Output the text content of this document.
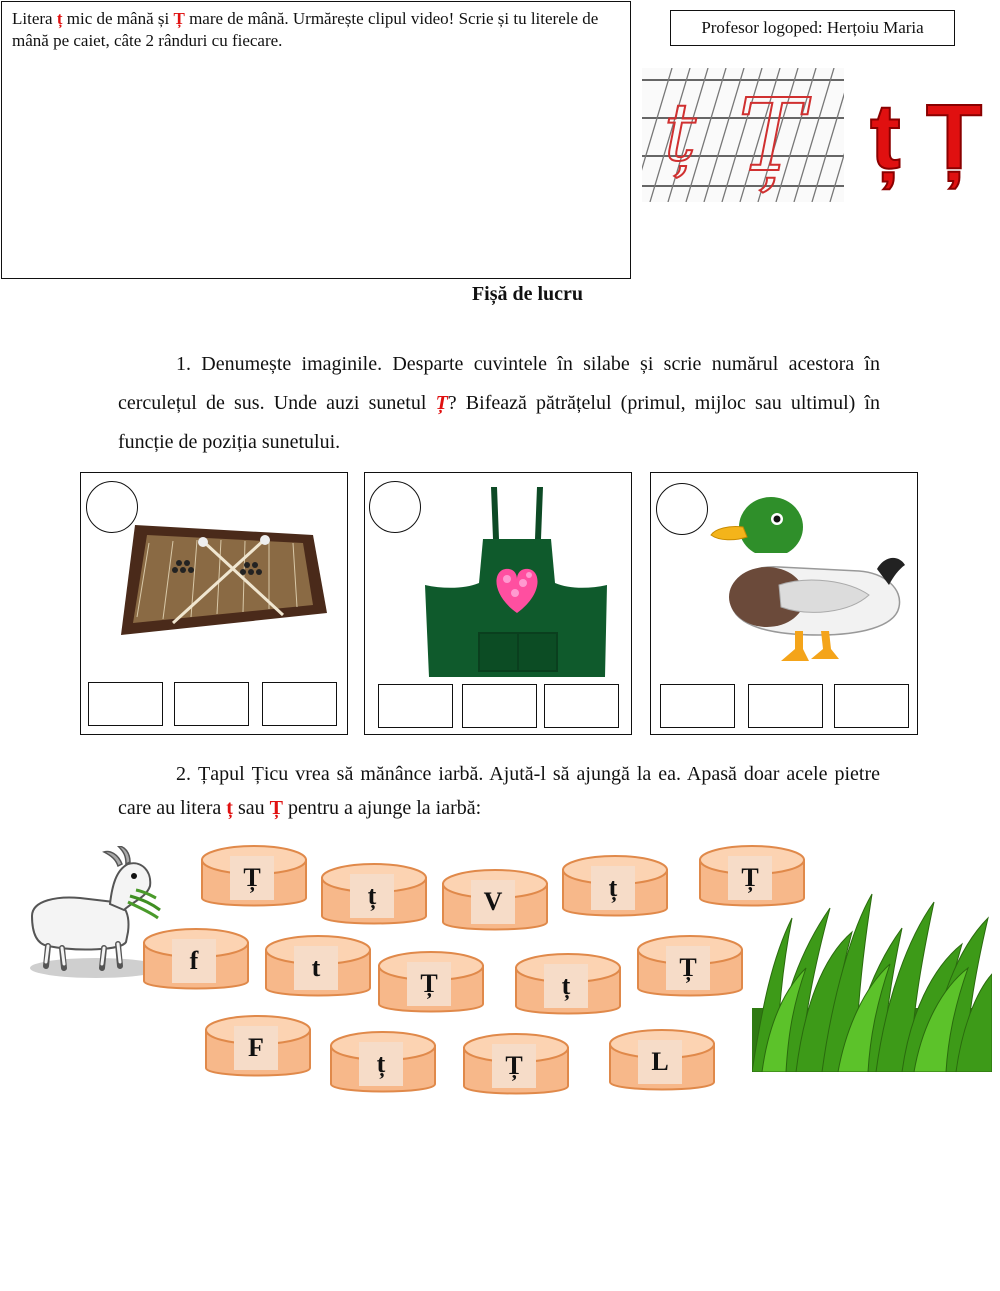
Litera ț mic de mână și Ț mare de mână. Urmărește clipul video! Scrie și tu literele de mână pe caiet, câte 2 rânduri cu fiecare.
Profesor logoped: Herțoiu Maria
ț Ț ț Ț
Fișă de lucru
1. Denumește imaginile. Desparte cuvintele în silabe și scrie numărul acestora în cerculețul de sus. Unde auzi sunetul Ț? Bifează pătrățelul (primul, mijloc sau ultimul) în funcție de poziția sunetului.
2. Țapul Țicu vrea să mănânce iarbă. Ajută-l să ajungă la ea. Apasă doar acele pietre care au litera ț sau Ț pentru a ajunge la iarbă:
Ț
ț	V	ț	Ț
f	t
Ț	ț
Ț
F
ț	Ț	L
